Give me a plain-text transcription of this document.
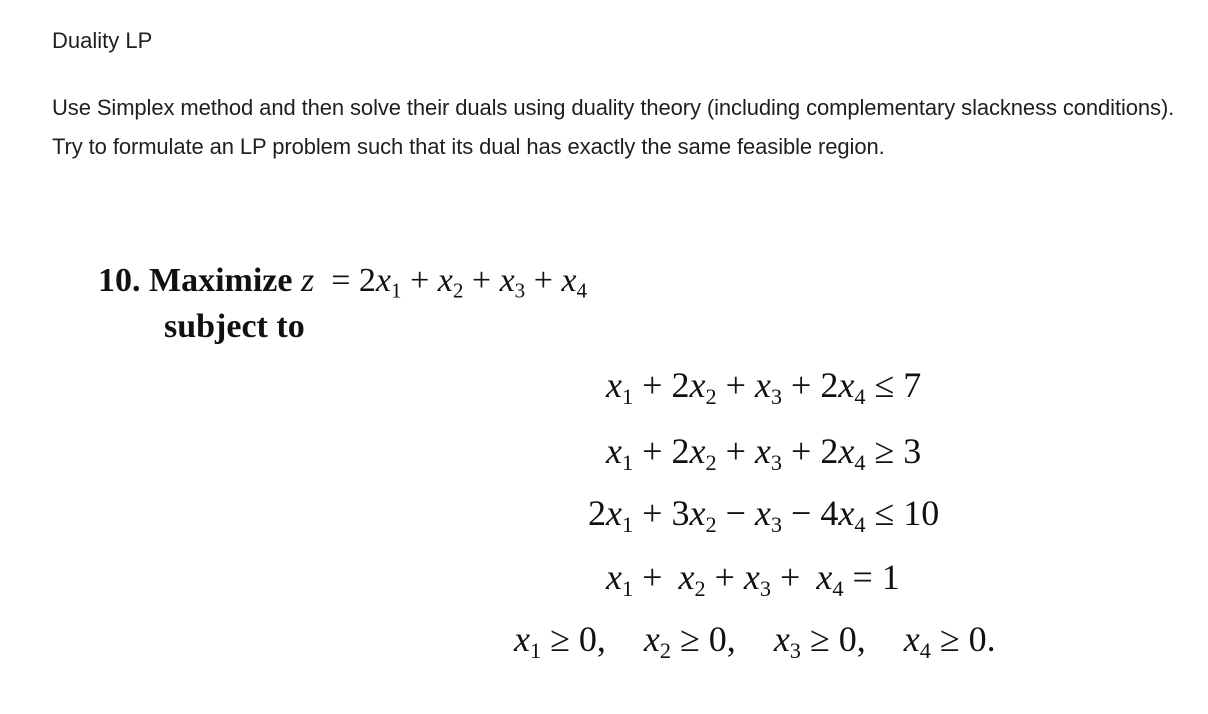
Duality LP
Use Simplex method and then solve their duals using duality theory (including complementary slackness conditions). Try to formulate an LP problem such that its dual has exactly the same feasible region.
10. Maximize $z = 2x_1 + x_2 + x_3 + x_4$
subject to
$x_1 + 2x_2 + x_3 + 2x_4 \le 7$
$x_1 + 2x_2 + x_3 + 2x_4 \ge 3$
$2x_1 + 3x_2 - x_3 - 4x_4 \le 10$
$x_1 + x_2 + x_3 + x_4 = 1$
$x_1 \ge 0$, $x_2 \ge 0$, $x_3 \ge 0$, $x_4 \ge 0$.
